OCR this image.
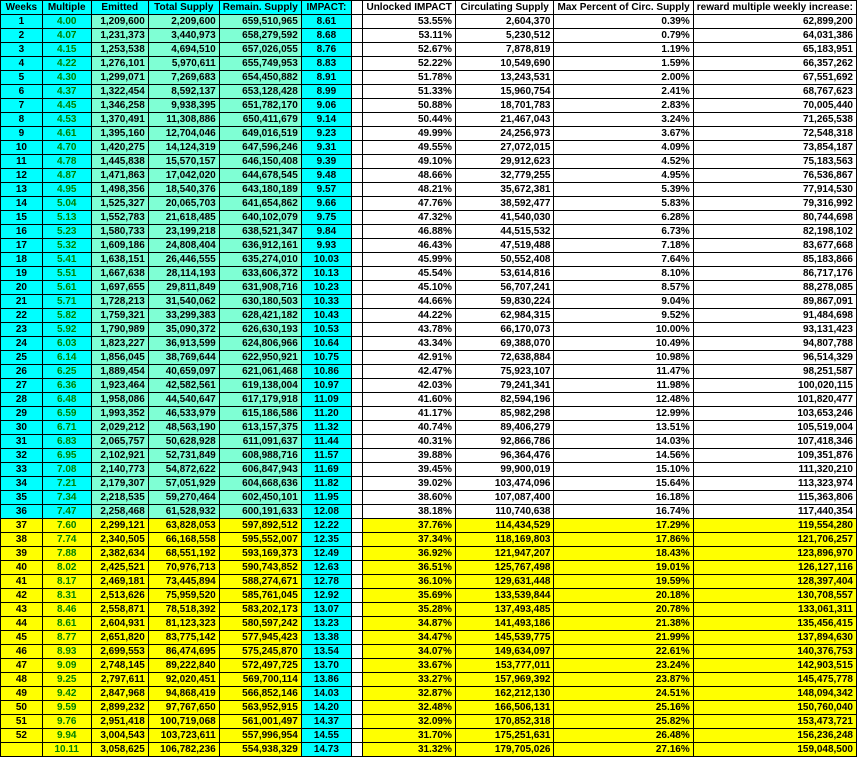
Weeks	Multiple	Emitted	Total Supply	Remain. Supply	IMPACT:		Unlocked IMPACT	Circulating Supply	Max Percent of Circ. Supply	reward multiple weekly increase:
1	4.00	1,209,600	2,209,600	659,510,965	8.61		53.55%	2,604,370	0.39%	62,899,200
2	4.07	1,231,373	3,440,973	658,279,592	8.68		53.11%	5,230,512	0.79%	64,031,386
3	4.15	1,253,538	4,694,510	657,026,055	8.76		52.67%	7,878,819	1.19%	65,183,951
4	4.22	1,276,101	5,970,611	655,749,953	8.83		52.22%	10,549,690	1.59%	66,357,262
5	4.30	1,299,071	7,269,683	654,450,882	8.91		51.78%	13,243,531	2.00%	67,551,692
6	4.37	1,322,454	8,592,137	653,128,428	8.99		51.33%	15,960,754	2.41%	68,767,623
7	4.45	1,346,258	9,938,395	651,782,170	9.06		50.88%	18,701,783	2.83%	70,005,440
8	4.53	1,370,491	11,308,886	650,411,679	9.14		50.44%	21,467,043	3.24%	71,265,538
9	4.61	1,395,160	12,704,046	649,016,519	9.23		49.99%	24,256,973	3.67%	72,548,318
10	4.70	1,420,275	14,124,319	647,596,246	9.31		49.55%	27,072,015	4.09%	73,854,187
11	4.78	1,445,838	15,570,157	646,150,408	9.39		49.10%	29,912,623	4.52%	75,183,563
12	4.87	1,471,863	17,042,020	644,678,545	9.48		48.66%	32,779,255	4.95%	76,536,867
13	4.95	1,498,356	18,540,376	643,180,189	9.57		48.21%	35,672,381	5.39%	77,914,530
14	5.04	1,525,327	20,065,703	641,654,862	9.66		47.76%	38,592,477	5.83%	79,316,992
15	5.13	1,552,783	21,618,485	640,102,079	9.75		47.32%	41,540,030	6.28%	80,744,698
16	5.23	1,580,733	23,199,218	638,521,347	9.84		46.88%	44,515,532	6.73%	82,198,102
17	5.32	1,609,186	24,808,404	636,912,161	9.93		46.43%	47,519,488	7.18%	83,677,668
18	5.41	1,638,151	26,446,555	635,274,010	10.03		45.99%	50,552,408	7.64%	85,183,866
19	5.51	1,667,638	28,114,193	633,606,372	10.13		45.54%	53,614,816	8.10%	86,717,176
20	5.61	1,697,655	29,811,849	631,908,716	10.23		45.10%	56,707,241	8.57%	88,278,085
21	5.71	1,728,213	31,540,062	630,180,503	10.33		44.66%	59,830,224	9.04%	89,867,091
22	5.82	1,759,321	33,299,383	628,421,182	10.43		44.22%	62,984,315	9.52%	91,484,698
23	5.92	1,790,989	35,090,372	626,630,193	10.53		43.78%	66,170,073	10.00%	93,131,423
24	6.03	1,823,227	36,913,599	624,806,966	10.64		43.34%	69,388,070	10.49%	94,807,788
25	6.14	1,856,045	38,769,644	622,950,921	10.75		42.91%	72,638,884	10.98%	96,514,329
26	6.25	1,889,454	40,659,097	621,061,468	10.86		42.47%	75,923,107	11.47%	98,251,587
27	6.36	1,923,464	42,582,561	619,138,004	10.97		42.03%	79,241,341	11.98%	100,020,115
28	6.48	1,958,086	44,540,647	617,179,918	11.09		41.60%	82,594,196	12.48%	101,820,477
29	6.59	1,993,352	46,533,979	615,186,586	11.20		41.17%	85,982,298	12.99%	103,653,246
30	6.71	2,029,212	48,563,190	613,157,375	11.32		40.74%	89,406,279	13.51%	105,519,004
31	6.83	2,065,757	50,628,928	611,091,637	11.44		40.31%	92,866,786	14.03%	107,418,346
32	6.95	2,102,921	52,731,849	608,988,716	11.57		39.88%	96,364,476	14.56%	109,351,876
33	7.08	2,140,773	54,872,622	606,847,943	11.69		39.45%	99,900,019	15.10%	111,320,210
34	7.21	2,179,307	57,051,929	604,668,636	11.82		39.02%	103,474,096	15.64%	113,323,974
35	7.34	2,218,535	59,270,464	602,450,101	11.95		38.60%	107,087,400	16.18%	115,363,806
36	7.47	2,258,468	61,528,932	600,191,633	12.08		38.18%	110,740,638	16.74%	117,440,354
37	7.60	2,299,121	63,828,053	597,892,512	12.22		37.76%	114,434,529	17.29%	119,554,280
38	7.74	2,340,505	66,168,558	595,552,007	12.35		37.34%	118,169,803	17.86%	121,706,257
39	7.88	2,382,634	68,551,192	593,169,373	12.49		36.92%	121,947,207	18.43%	123,896,970
40	8.02	2,425,521	70,976,713	590,743,852	12.63		36.51%	125,767,498	19.01%	126,127,116
41	8.17	2,469,181	73,445,894	588,274,671	12.78		36.10%	129,631,448	19.59%	128,397,404
42	8.31	2,513,626	75,959,520	585,761,045	12.92		35.69%	133,539,844	20.18%	130,708,557
43	8.46	2,558,871	78,518,392	583,202,173	13.07		35.28%	137,493,485	20.78%	133,061,311
44	8.61	2,604,931	81,123,323	580,597,242	13.23		34.87%	141,493,186	21.38%	135,456,415
45	8.77	2,651,820	83,775,142	577,945,423	13.38		34.47%	145,539,775	21.99%	137,894,630
46	8.93	2,699,553	86,474,695	575,245,870	13.54		34.07%	149,634,097	22.61%	140,376,753
47	9.09	2,748,145	89,222,840	572,497,725	13.70		33.67%	153,777,011	23.24%	142,903,515
48	9.25	2,797,611	92,020,451	569,700,114	13.86		33.27%	157,969,392	23.87%	145,475,778
49	9.42	2,847,968	94,868,419	566,852,146	14.03		32.87%	162,212,130	24.51%	148,094,342
50	9.59	2,899,232	97,767,650	563,952,915	14.20		32.48%	166,506,131	25.16%	150,760,040
51	9.76	2,951,418	100,719,068	561,001,497	14.37		32.09%	170,852,318	25.82%	153,473,721
52	9.94	3,004,543	103,723,611	557,996,954	14.55		31.70%	175,251,631	26.48%	156,236,248
	10.11	3,058,625	106,782,236	554,938,329	14.73		31.32%	179,705,026	27.16%	159,048,500
